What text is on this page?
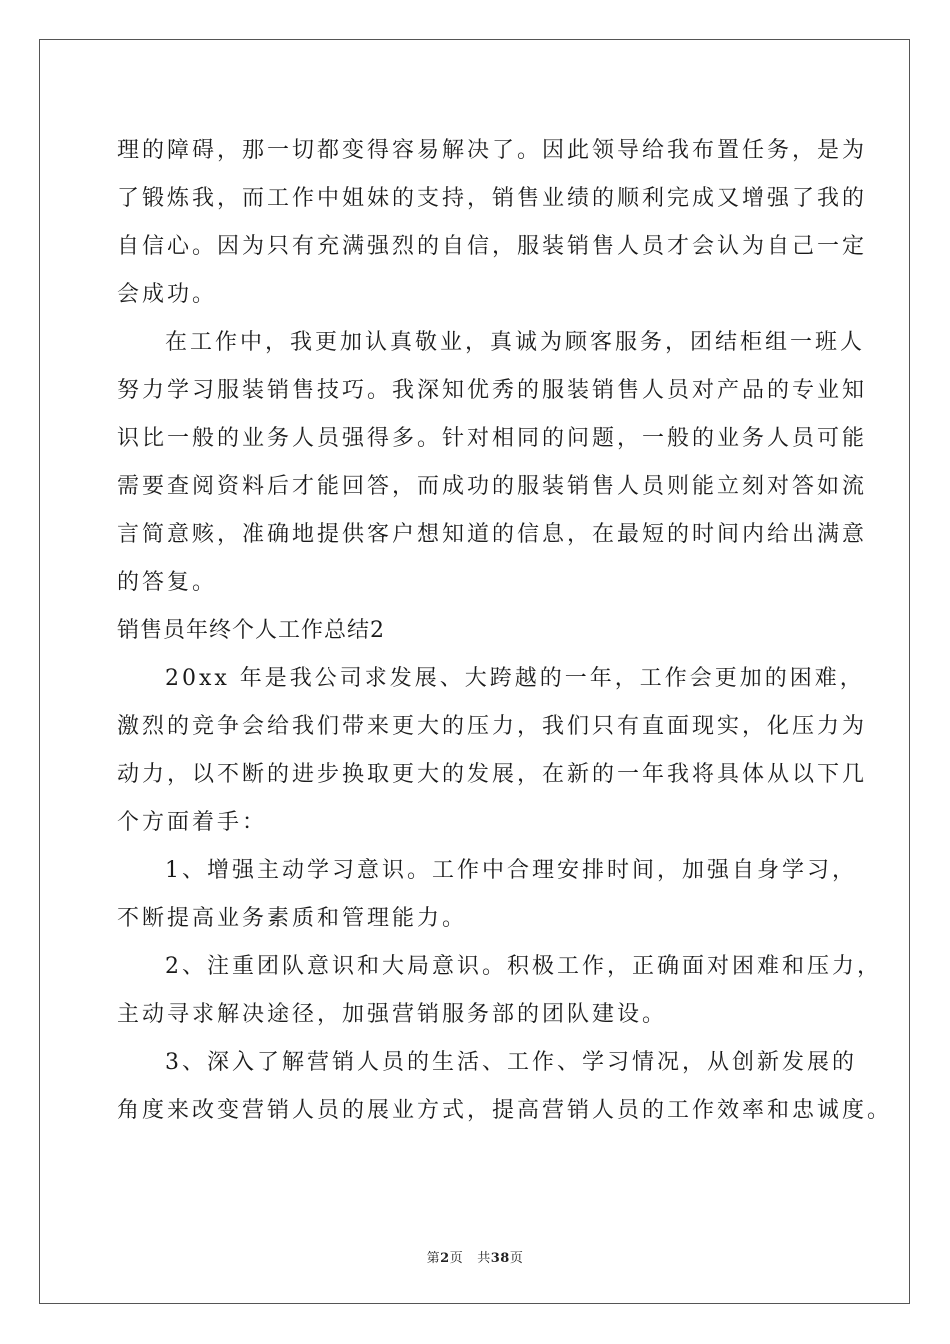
理的障碍，那一切都变得容易解决了。因此领导给我布置任务，是为
了锻炼我，而工作中姐妹的支持，销售业绩的顺利完成又增强了我的
自信心。因为只有充满强烈的自信，服装销售人员才会认为自己一定
会成功。
在工作中，我更加认真敬业，真诚为顾客服务，团结柜组一班人
努力学习服装销售技巧。我深知优秀的服装销售人员对产品的专业知
识比一般的业务人员强得多。针对相同的问题，一般的业务人员可能
需要查阅资料后才能回答，而成功的服装销售人员则能立刻对答如流
言简意赅，准确地提供客户想知道的信息，在最短的时间内给出满意
的答复。
销售员年终个人工作总结2
20xx 年是我公司求发展、大跨越的一年，工作会更加的困难，
激烈的竞争会给我们带来更大的压力，我们只有直面现实，化压力为
动力，以不断的进步换取更大的发展，在新的一年我将具体从以下几
个方面着手：
1、增强主动学习意识。工作中合理安排时间，加强自身学习，
不断提高业务素质和管理能力。
2、注重团队意识和大局意识。积极工作，正确面对困难和压力，
主动寻求解决途径，加强营销服务部的团队建设。
3、深入了解营销人员的生活、工作、学习情况，从创新发展的
角度来改变营销人员的展业方式，提高营销人员的工作效率和忠诚度。
第2页 共38页
